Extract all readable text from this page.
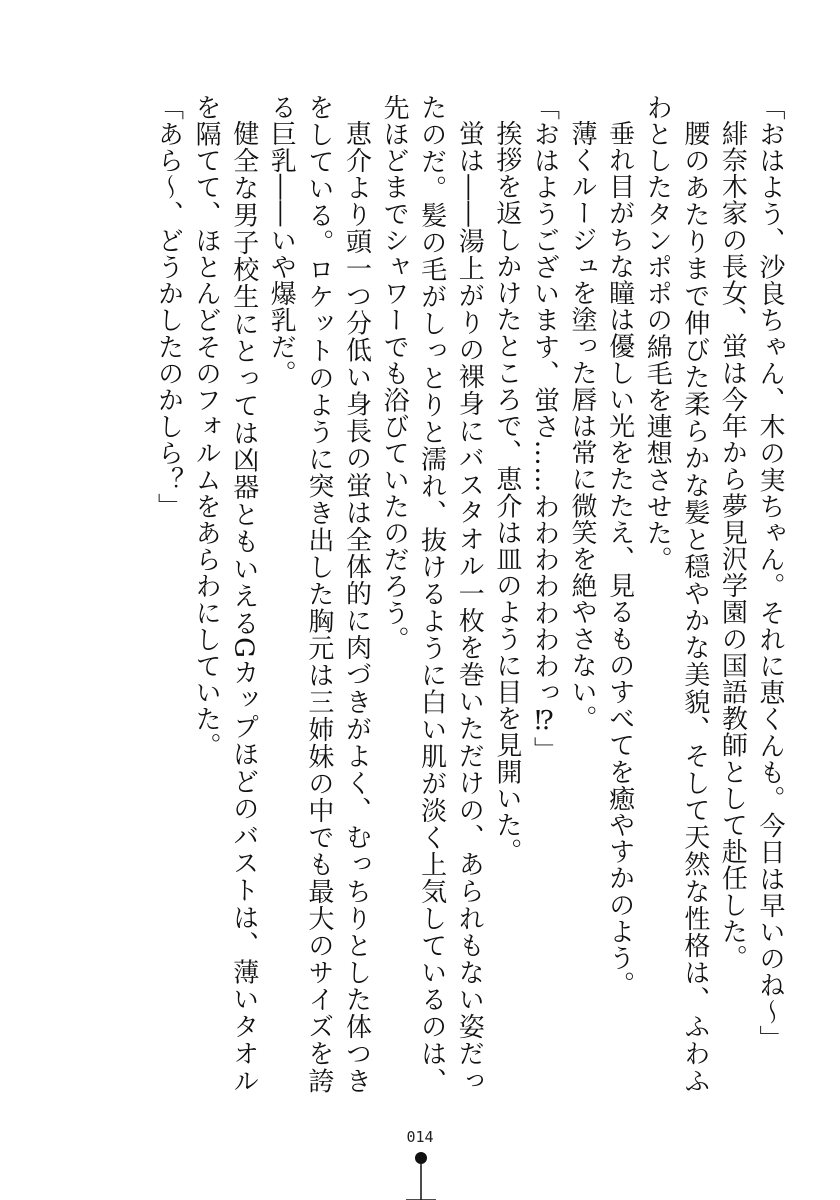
「おはよう、沙良ちゃん、木の実ちゃん。それに恵くんも。今日は早いのね〜」

緋奈木家の長女、蛍は今年から夢見沢学園の国語教師として赴任した。

腰のあたりまで伸びた柔らかな髪と穏やかな美貌、そして天然な性格は、ふわふわとしたタンポポの綿毛を連想させた。

垂れ目がちな瞳は優しい光をたたえ、見るものすべてを癒やすかのよう。

薄くルージュを塗った唇は常に微笑を絶やさない。

「おはようございます、蛍さ……わわわわわわわっ⁉」

挨拶を返しかけたところで、恵介は皿のように目を見開いた。

蛍は――湯上がりの裸身にバスタオル一枚を巻いただけの、あられもない姿だったのだ。髪の毛がしっとりと濡れ、抜けるように白い肌が淡く上気しているのは、先ほどまでシャワーでも浴びていたのだろう。

恵介より頭一つ分低い身長の蛍は全体的に肉づきがよく、むっちりとした体つきをしている。ロケットのように突き出した胸元は三姉妹の中でも最大のサイズを誇る巨乳――いや爆乳だ。

健全な男子校生にとっては凶器ともいえるGカップほどのバストは、薄いタオルを隔てて、ほとんどそのフォルムをあらわにしていた。

「あら〜、どうかしたのかしら？」

014
